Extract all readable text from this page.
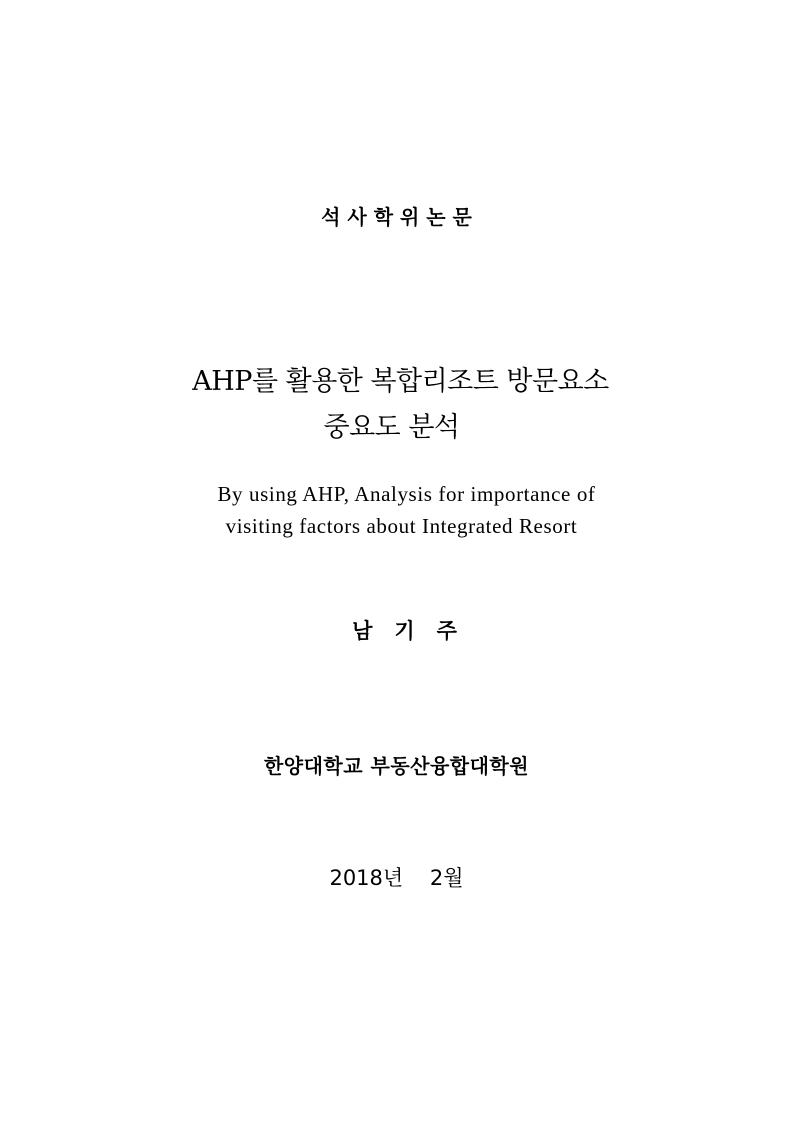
석 사 학 위 논 문
AHP를 활용한 복합리조트 방문요소
중요도 분석
By using AHP, Analysis for importance of
visiting factors about Integrated Resort
남   기   주
한양대학교 부동산융합대학원
2018년    2월
